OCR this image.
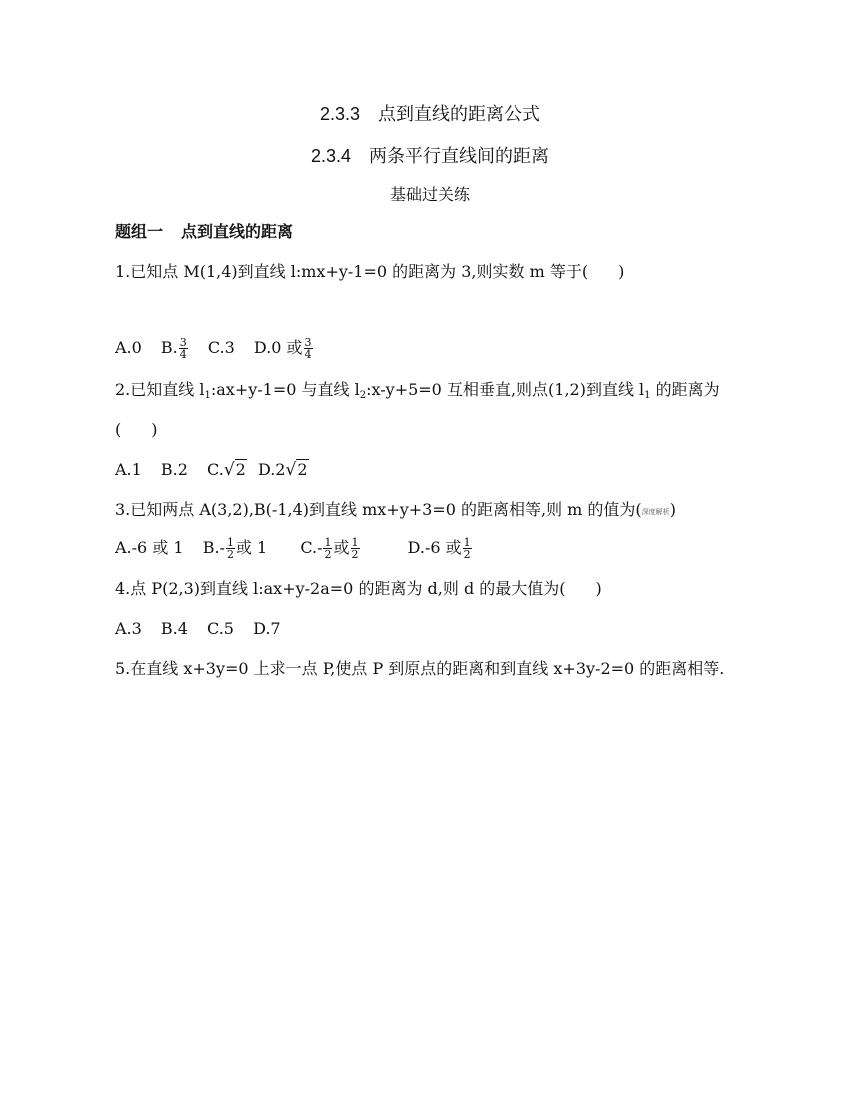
2.3.3 点到直线的距离公式
2.3.4 两条平行直线间的距离
基础过关练
题组一 点到直线的距离
1.已知点 M(1,4)到直线 l:mx+y-1=0 的距离为 3,则实数 m 等于( )
A.0 B. $\frac{3}{4} C.3$ D.0 或 $\frac{3}{4}$
2.已知直线 $l_1:ax+y-1=0$ 与直线 $l_2:x-y+5=0$ 互相垂直,则点(1,2)到直线 $l_1$ 的距离为
( )
A.1 B.2 C.√2 D.2√2
3.已知两点 A(3,2),B(-1,4)到直线 mx+y+3=0 的距离相等,则 m 的值为(深度解析)
A.-6 或 1 $B.- \frac{1}{2}$ 或 1 $C.- \frac{1}{2}$ 或 $\frac{1}{2}$	D.-6 或 $\frac{1}{2}$
4.点 P(2,3)到直线 l:ax+y-2a=0 的距离为 d,则 d 的最大值为( )
A.3 B.4 C.5 D.7
5.在直线 x+3y=0 上求一点 P,使点 P 到原点的距离和到直线 x+3y-2=0 的距离相等.
